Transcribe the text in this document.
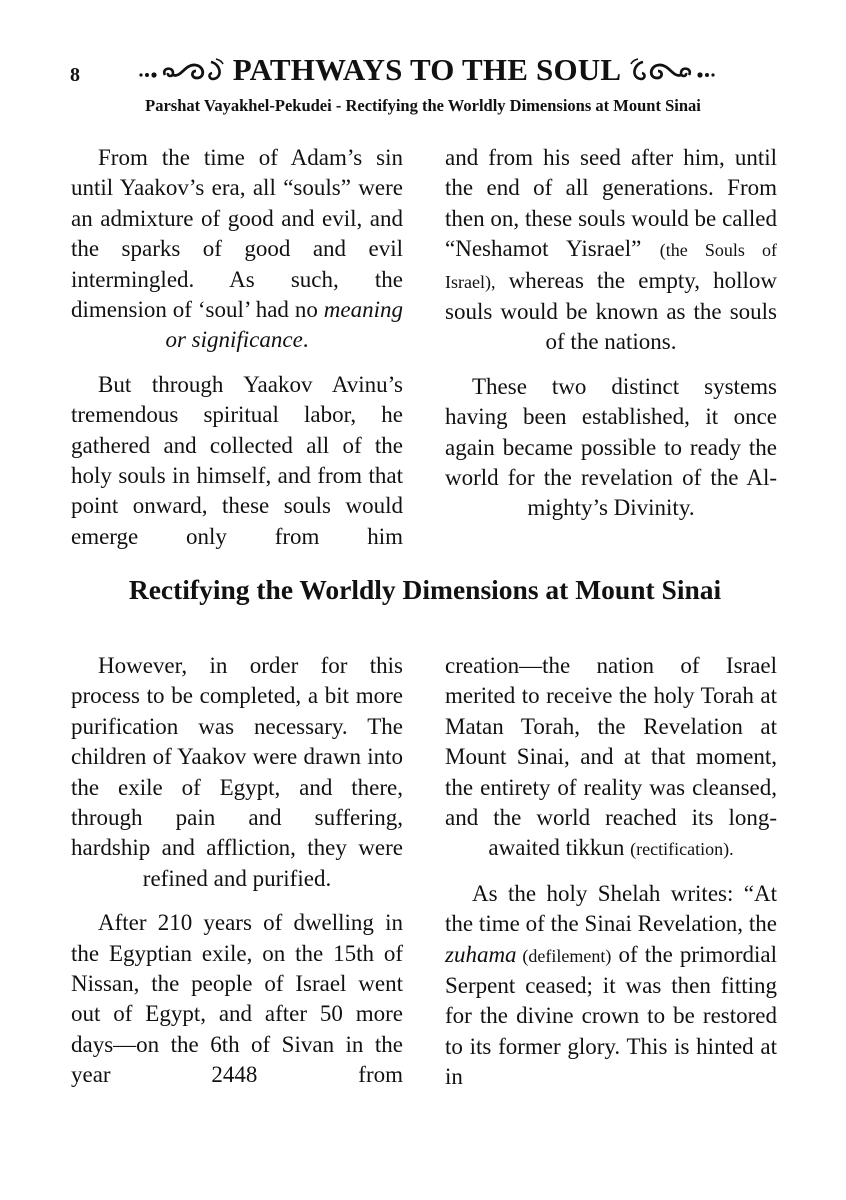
8	PATHWAYS TO THE SOUL
Parshat Vayakhel-Pekudei - Rectifying the Worldly Dimensions at Mount Sinai

From the time of Adam’s sin until Yaakov’s era, all “souls” were an admixture of good and evil, and the sparks of good and evil intermingled. As such, the dimension of ‘soul’ had no meaning or significance.

But through Yaakov Avinu’s tremendous spiritual labor, he gathered and collected all of the holy souls in himself, and from that point onward, these souls would emerge only from him

and from his seed after him, until the end of all generations. From then on, these souls would be called “Neshamot Yisrael” (the Souls of Israel), whereas the empty, hollow souls would be known as the souls of the nations.

These two distinct systems having been established, it once again became possible to ready the world for the revelation of the Al-mighty’s Divinity.

Rectifying the Worldly Dimensions at Mount Sinai

However, in order for this process to be completed, a bit more purification was necessary. The children of Yaakov were drawn into the exile of Egypt, and there, through pain and suffering, hardship and affliction, they were refined and purified.

After 210 years of dwelling in the Egyptian exile, on the 15th of Nissan, the people of Israel went out of Egypt, and after 50 more days—on the 6th of Sivan in the year 2448 from

creation—the nation of Israel merited to receive the holy Torah at Matan Torah, the Revelation at Mount Sinai, and at that moment, the entirety of reality was cleansed, and the world reached its long-awaited tikkun (rectification).

As the holy Shelah writes: “At the time of the Sinai Revelation, the zuhama (defilement) of the primordial Serpent ceased; it was then fitting for the divine crown to be restored to its former glory. This is hinted at in
